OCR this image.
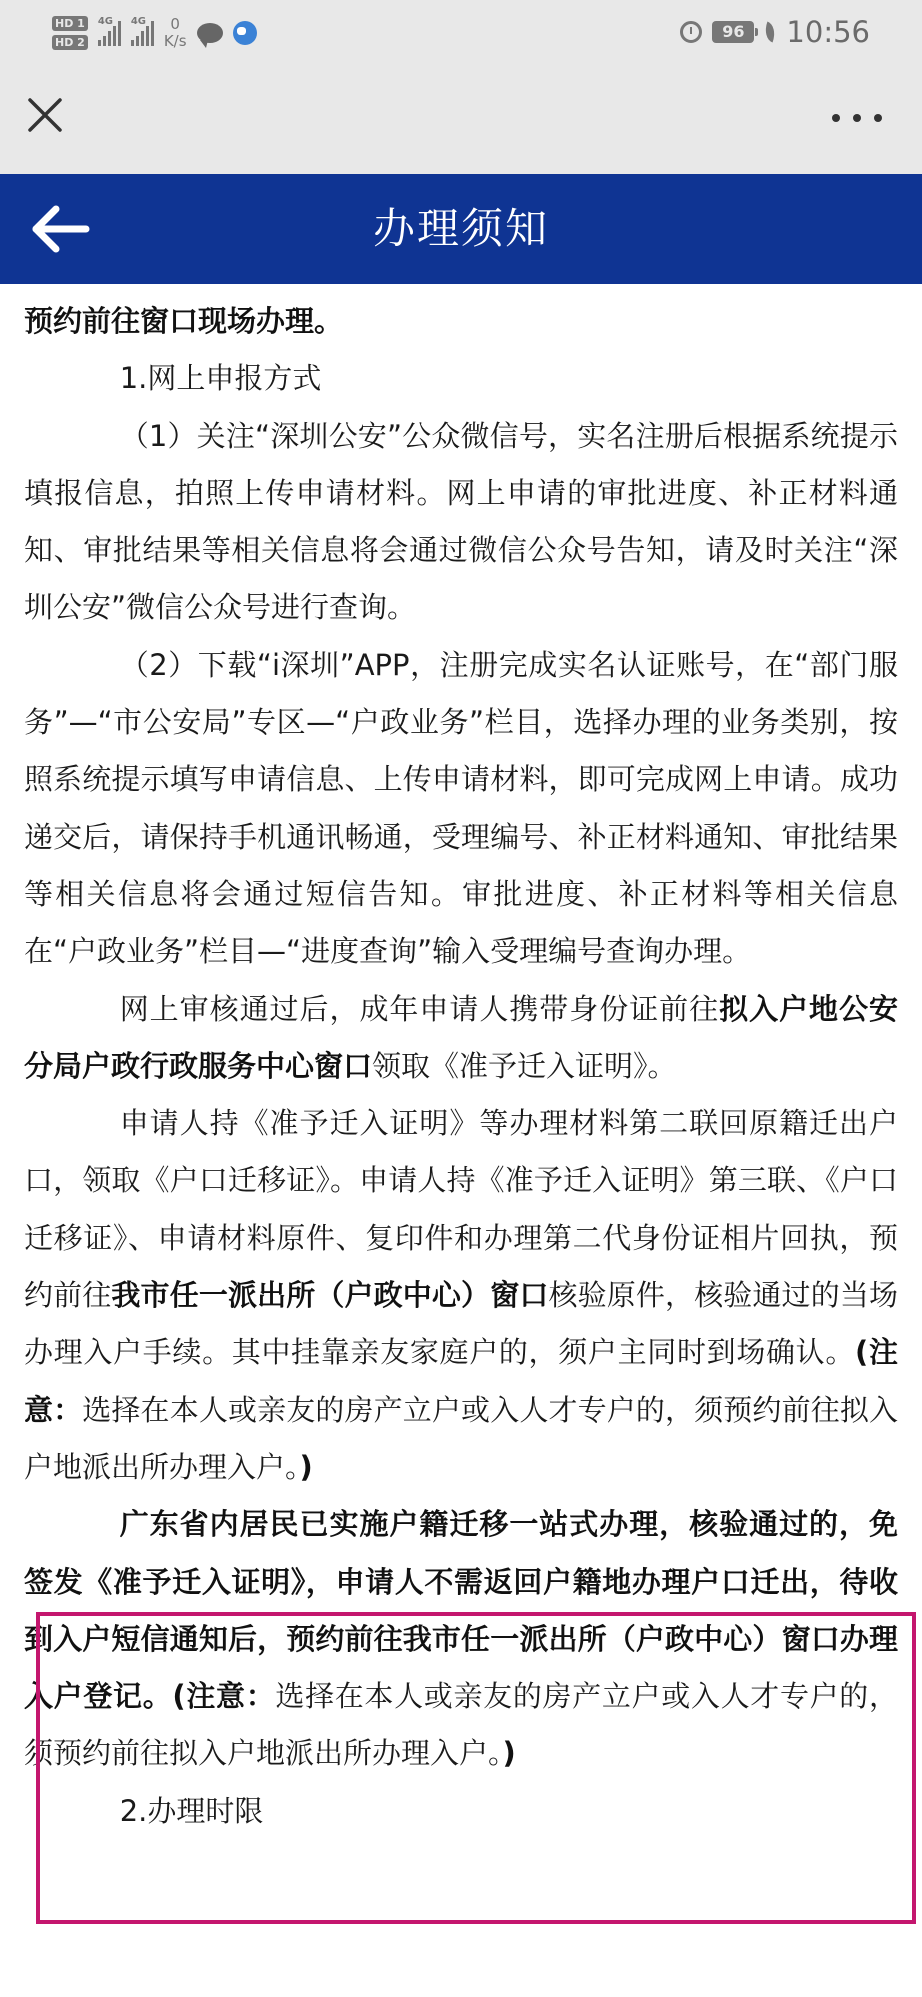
HD 1
HD 2
4G 4G 0
K/s	96	10:56
办理须知

预约前往窗口现场办理。

1.网上申报方式

（1）关注“深圳公安”公众微信号，实名注册后根据系统提示填报信息，拍照上传申请材料。网上申请的审批进度、补正材料通知、审批结果等相关信息将会通过微信公众号告知，请及时关注“深圳公安”微信公众号进行查询。

（2）下载“i深圳”APP，注册完成实名认证账号，在“部门服务”—“市公安局”专区—“户政业务”栏目，选择办理的业务类别，按照系统提示填写申请信息、上传申请材料，即可完成网上申请。成功递交后，请保持手机通讯畅通，受理编号、补正材料通知、审批结果等相关信息将会通过短信告知。审批进度、补正材料等相关信息在“户政业务”栏目—“进度查询”输入受理编号查询办理。

网上审核通过后，成年申请人携带身份证前往拟入户地公安分局户政行政服务中心窗口领取《准予迁入证明》。

申请人持《准予迁入证明》等办理材料第二联回原籍迁出户口，领取《户口迁移证》。申请人持《准予迁入证明》第三联、《户口迁移证》、申请材料原件、复印件和办理第二代身份证相片回执，预约前往我市任一派出所（户政中心）窗口核验原件，核验通过的当场办理入户手续。其中挂靠亲友家庭户的，须户主同时到场确认。(注意：选择在本人或亲友的房产立户或入人才专户的，须预约前往拟入户地派出所办理入户。)

广东省内居民已实施户籍迁移一站式办理，核验通过的，免签发《准予迁入证明》，申请人不需返回户籍地办理户口迁出，待收到入户短信通知后，预约前往我市任一派出所（户政中心）窗口办理入户登记。(注意：选择在本人或亲友的房产立户或入人才专户的，须预约前往拟入户地派出所办理入户。)

2.办理时限
